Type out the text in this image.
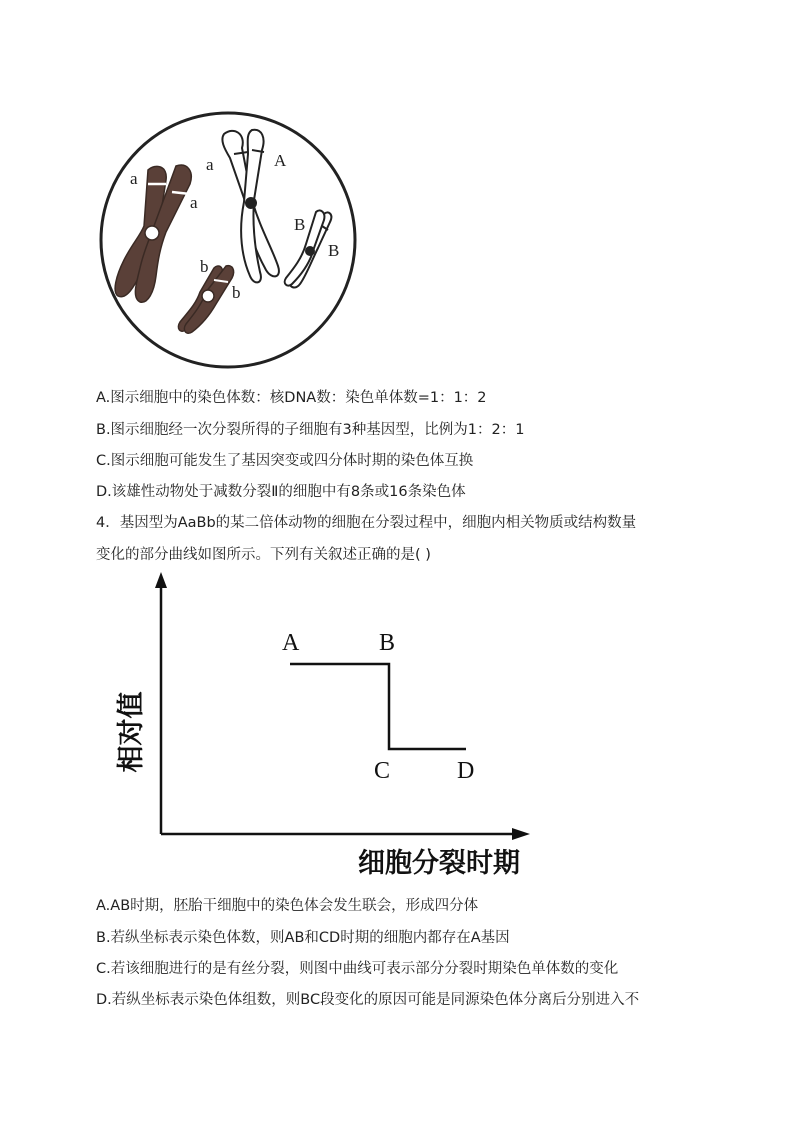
a
a
a	A
B
B
b
b
A.图示细胞中的染色体数：核DNA数：染色单体数=1：1：2
B.图示细胞经一次分裂所得的子细胞有3种基因型，比例为1：2：1
C.图示细胞可能发生了基因突变或四分体时期的染色体互换
D.该雄性动物处于减数分裂Ⅱ的细胞中有8条或16条染色体
4．基因型为AaBb的某二倍体动物的细胞在分裂过程中，细胞内相关物质或结构数量
变化的部分曲线如图所示。下列有关叙述正确的是( )
A	B
C	D
相对值
细胞分裂时期
A.AB时期，胚胎干细胞中的染色体会发生联会，形成四分体
B.若纵坐标表示染色体数，则AB和CD时期的细胞内都存在A基因
C.若该细胞进行的是有丝分裂，则图中曲线可表示部分分裂时期染色单体数的变化
D.若纵坐标表示染色体组数，则BC段变化的原因可能是同源染色体分离后分别进入不
